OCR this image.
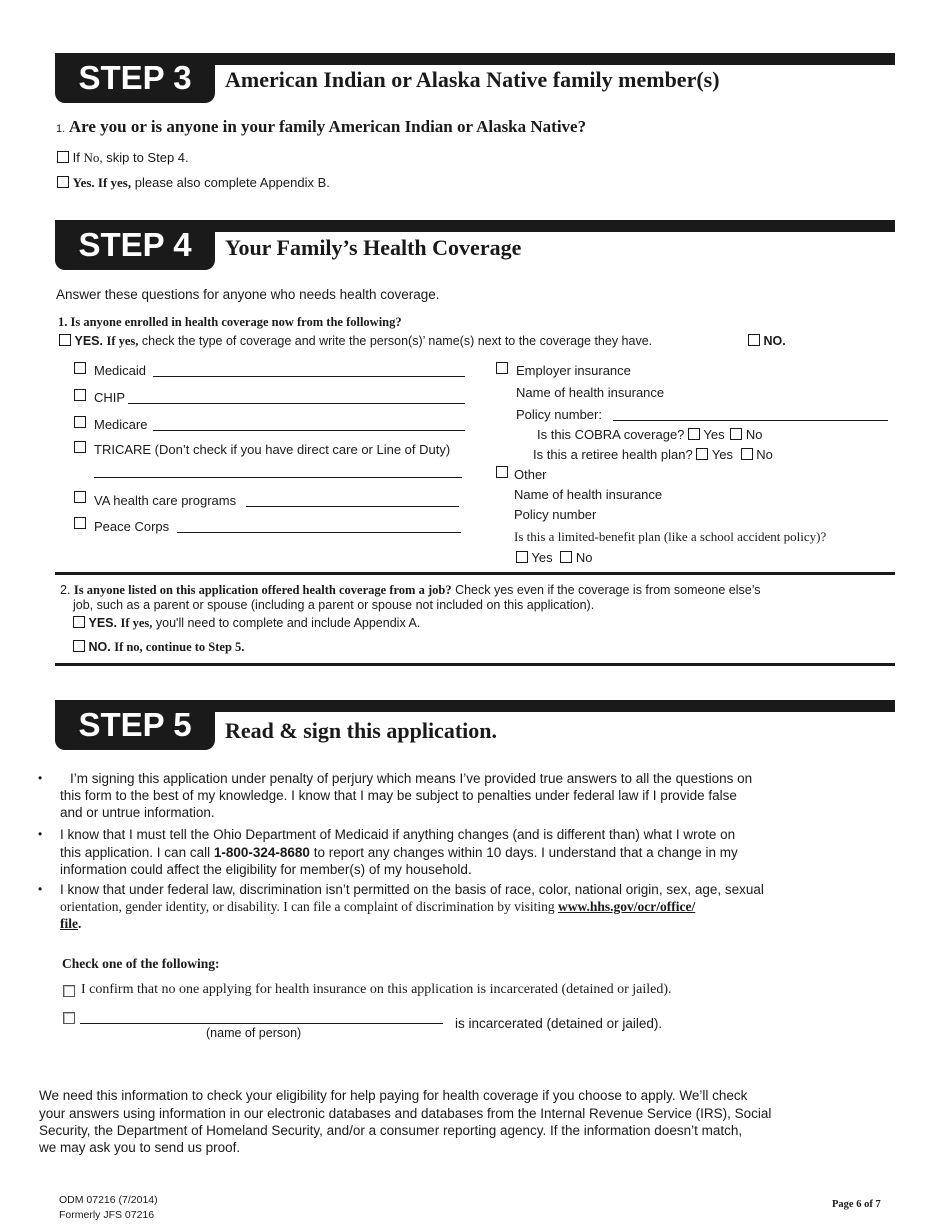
STEP 3	American Indian or Alaska Native family member(s)
1. Are you or is anyone in your family American Indian or Alaska Native?
If No, skip to Step 4.
Yes. If yes, please also complete Appendix B.
STEP 4	Your Family’s Health Coverage
Answer these questions for anyone who needs health coverage.
1. Is anyone enrolled in health coverage now from the following?
YES. If yes, check the type of coverage and write the person(s)’ name(s) next to the coverage they have.	NO.
Medicaid
CHIP
Medicare
TRICARE (Don’t check if you have direct care or Line of Duty)
VA health care programs
Peace Corps
Employer insurance
Name of health insurance
Policy number:
Is this COBRA coverage? Yes No
Is this a retiree health plan? Yes No
Other
Name of health insurance
Policy number
Is this a limited-benefit plan (like a school accident policy)?
Yes No
2. Is anyone listed on this application offered health coverage from a job? Check yes even if the coverage is from someone else’s
job, such as a parent or spouse (including a parent or spouse not included on this application).
YES. If yes, you'll need to complete and include Appendix A.
NO. If no, continue to Step 5.
STEP 5	Read & sign this application.
• I’m signing this application under penalty of perjury which means I’ve provided true answers to all the questions on
this form to the best of my knowledge. I know that I may be subject to penalties under federal law if I provide false
and or untrue information.
• I know that I must tell the Ohio Department of Medicaid if anything changes (and is different than) what I wrote on
this application. I can call 1-800-324-8680 to report any changes within 10 days. I understand that a change in my
information could affect the eligibility for member(s) of my household.
• I know that under federal law, discrimination isn’t permitted on the basis of race, color, national origin, sex, age, sexual
orientation, gender identity, or disability. I can file a complaint of discrimination by visiting www.hhs.gov/ocr/office/
file.
Check one of the following:
I confirm that no one applying for health insurance on this application is incarcerated (detained or jailed).
is incarcerated (detained or jailed).
(name of person)
We need this information to check your eligibility for help paying for health coverage if you choose to apply. We’ll check
your answers using information in our electronic databases and databases from the Internal Revenue Service (IRS), Social
Security, the Department of Homeland Security, and/or a consumer reporting agency. If the information doesn’t match,
we may ask you to send us proof.
ODM 07216 (7/2014)
Formerly JFS 07216
Page 6 of 7
